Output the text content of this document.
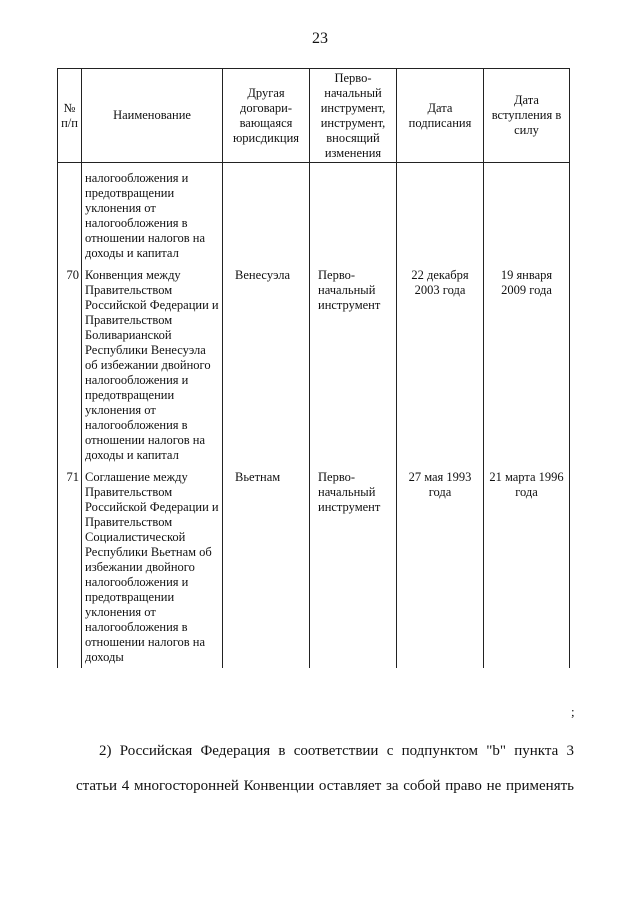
23
№ п/п	Наименование	Другая договари-вающаяся юрисдикция	Перво-начальный инструмент, инструмент, вносящий изменения	Дата подписания	Дата вступления в силу
	налогообложения и предотвращении уклонения от налогообложения в отношении налогов на доходы и капитал				
70	Конвенция между Правительством Российской Федерации и Правительством Боливарианской Республики Венесуэла об избежании двойного налогообложения и предотвращении уклонения от налогообложения в отношении налогов на доходы и капитал	Венесуэла	Перво-начальный инструмент	22 декабря 2003 года	19 января 2009 года
71	Соглашение между Правительством Российской Федерации и Правительством Социалистической Республики Вьетнам об избежании двойного налогообложения и предотвращении уклонения от налогообложения в отношении налогов на доходы	Вьетнам	Перво-начальный инструмент	27 мая 1993 года	21 марта 1996 года
;
2) Российская Федерация в соответствии с подпунктом "b" пункта 3
статьи 4 многосторонней Конвенции оставляет за собой право не применять
